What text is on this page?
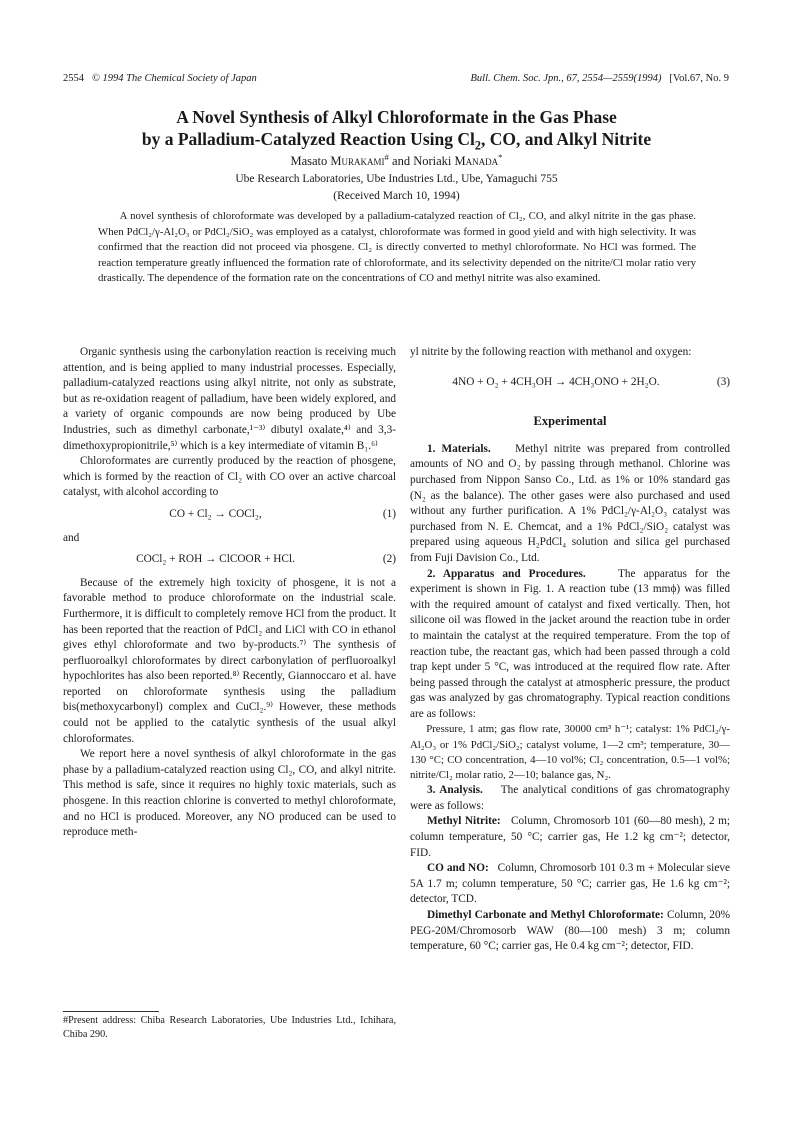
2554 © 1994 The Chemical Society of Japan	Bull. Chem. Soc. Jpn., 67, 2554—2559(1994) [Vol.67, No. 9
A Novel Synthesis of Alkyl Chloroformate in the Gas Phase
by a Palladium-Catalyzed Reaction Using $Cl_2$, CO, and Alkyl Nitrite
Masato Murakami# and Noriaki Manada*
Ube Research Laboratories, Ube Industries Ltd., Ube, Yamaguchi 755
(Received March 10, 1994)
A novel synthesis of chloroformate was developed by a palladium-catalyzed reaction of Cl₂, CO, and alkyl nitrite in the gas phase. When PdCl₂/γ-Al₂O₃ or PdCl₂/SiO₂ was employed as a catalyst, chloroformate was formed in good yield and with high selectivity. It was confirmed that the reaction did not proceed via phosgene. Cl₂ is directly converted to methyl chloroformate. No HCl was formed. The reaction temperature greatly influenced the formation rate of chloroformate, and its selectivity depended on the nitrite/Cl molar ratio very drastically. The dependence of the formation rate on the concentrations of CO and methyl nitrite was also examined.

Organic synthesis using the carbonylation reaction is receiving much attention, and is being applied to many industrial processes. Especially, palladium-catalyzed reactions using alkyl nitrite, not only as substrate, but as re-oxidation reagent of palladium, have been widely explored, and a variety of organic compounds are now being produced by Ube Industries, such as dimethyl carbonate,¹⁻³⁾ dibutyl oxalate,⁴⁾ and 3,3-dimethoxypropionitrile,⁵⁾ which is a key intermediate of vitamin B₁.⁶⁾

Chloroformates are currently produced by the reaction of phosgene, which is formed by the reaction of Cl₂ with CO over an active charcoal catalyst, with alcohol according to

CO + Cl₂ → COCl₂,	(1)

and

COCl₂ + ROH → ClCOOR + HCl.	(2)

Because of the extremely high toxicity of phosgene, it is not a favorable method to produce chloroformate on the industrial scale. Furthermore, it is difficult to completely remove HCl from the product. It has been reported that the reaction of PdCl₂ and LiCl with CO in ethanol gives ethyl chloroformate and two by-products.⁷⁾ The synthesis of perfluoroalkyl chloroformates by direct carbonylation of perfluoroalkyl hypochlorites has also been reported.⁸⁾ Recently, Giannoccaro et al. have reported on chloroformate synthesis using the palladium bis(methoxycarbonyl) complex and CuCl₂.⁹⁾ However, these methods could not be applied to the catalytic synthesis of the usual alkyl chloroformates.

We report here a novel synthesis of alkyl chloroformate in the gas phase by a palladium-catalyzed reaction using Cl₂, CO, and alkyl nitrite. This method is safe, since it requires no highly toxic materials, such as phosgene. In this reaction chlorine is converted to methyl chloroformate, and no HCl is produced. Moreover, any NO produced can be used to reproduce meth-

#Present address: Chiba Research Laboratories, Ube Industries Ltd., Ichihara, Chiba 290.

yl nitrite by the following reaction with methanol and oxygen:

4NO + O₂ + 4CH₃OH → 4CH₃ONO + 2H₂O.	(3)
Experimental

1. Materials. Methyl nitrite was prepared from controlled amounts of NO and O₂ by passing through methanol. Chlorine was purchased from Nippon Sanso Co., Ltd. as 1% or 10% standard gas (N₂ as the balance). The other gases were also purchased and used without any further purification. A 1% PdCl₂/γ-Al₂O₃ catalyst was purchased from N. E. Chemcat, and a 1% PdCl₂/SiO₂ catalyst was prepared using aqueous H₂PdCl₄ solution and silica gel purchased from Fuji Davision Co., Ltd.

2. Apparatus and Procedures.	The apparatus for the experiment is shown in Fig. 1. A reaction tube (13 mmϕ) was filled with the required amount of catalyst and fixed vertically. Then, hot silicone oil was flowed in the jacket around the reaction tube in order to maintain the catalyst at the required temperature. From the top of reaction tube, the reactant gas, which had been passed through a cold trap kept under 5 °C, was introduced at the required flow rate. After being passed through the catalyst at atmospheric pressure, the product gas was analyzed by gas chromatography. Typical reaction conditions are as follows:

Pressure, 1 atm; gas flow rate, 30000 cm³ h⁻¹; catalyst: 1% PdCl₂/γ-Al₂O₃ or 1% PdCl₂/SiO₂; catalyst volume, 1—2 cm³; temperature, 30—130 °C; CO concentration, 4—10 vol%; Cl₂ concentration, 0.5—1 vol%; nitrite/Cl₂ molar ratio, 2—10; balance gas, N₂.

3. Analysis. The analytical conditions of gas chromatography were as follows:

Methyl Nitrite: Column, Chromosorb 101 (60—80 mesh), 2 m; column temperature, 50 °C; carrier gas, He 1.2 kg cm⁻²; detector, FID.

CO and NO: Column, Chromosorb 101 0.3 m + Molecular sieve 5A 1.7 m; column temperature, 50 °C; carrier gas, He 1.6 kg cm⁻²; detector, TCD.

Dimethyl Carbonate and Methyl Chloroformate: Column, 20% PEG-20M/Chromosorb WAW (80—100 mesh) 3 m; column temperature, 60 °C; carrier gas, He 0.4 kg cm⁻²; detector, FID.
